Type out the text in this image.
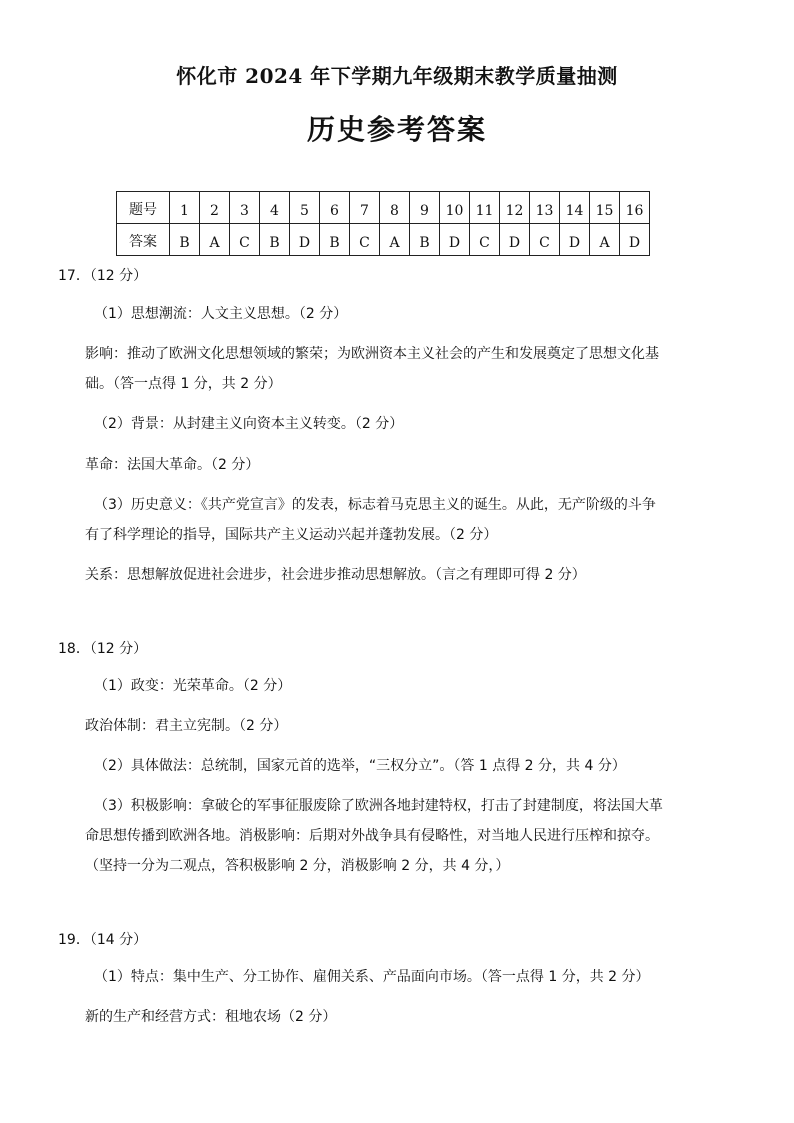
怀化市 2024 年下学期九年级期末教学质量抽测
历史参考答案
题号	1	2	3	4	5	6	7	8	9	10	11	12	13	14	15	16
答案	B	A	C	B	D	B	C	A	B	D	C	D	C	D	A	D
17．（12 分）
（1）思想潮流：人文主义思想。（2 分）
影响：推动了欧洲文化思想领域的繁荣；为欧洲资本主义社会的产生和发展奠定了思想文化基
础。（答一点得 1 分，共 2 分）
（2）背景：从封建主义向资本主义转变。（2 分）
革命：法国大革命。（2 分）
（3）历史意义：《共产党宣言》的发表，标志着马克思主义的诞生。从此，无产阶级的斗争
有了科学理论的指导，国际共产主义运动兴起并蓬勃发展。（2 分）
关系：思想解放促进社会进步，社会进步推动思想解放。（言之有理即可得 2 分）
18．（12 分）
（1）政变：光荣革命。（2 分）
政治体制：君主立宪制。（2 分）
（2）具体做法：总统制，国家元首的选举，“三权分立”。（答 1 点得 2 分，共 4 分）
（3）积极影响：拿破仑的军事征服废除了欧洲各地封建特权，打击了封建制度，将法国大革
命思想传播到欧洲各地。消极影响：后期对外战争具有侵略性，对当地人民进行压榨和掠夺。
（坚持一分为二观点，答积极影响 2 分，消极影响 2 分，共 4 分，）
19．（14 分）
（1）特点：集中生产、分工协作、雇佣关系、产品面向市场。（答一点得 1 分，共 2 分）
新的生产和经营方式：租地农场（2 分）
